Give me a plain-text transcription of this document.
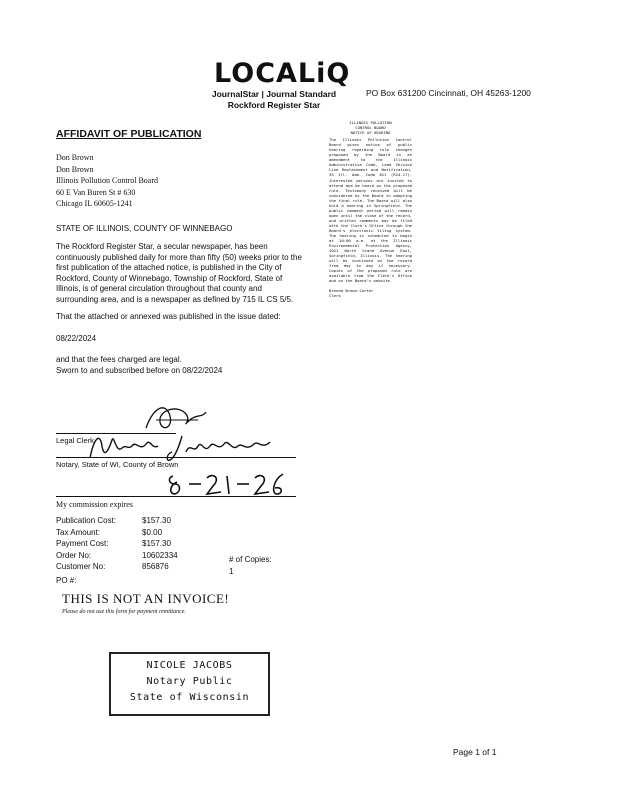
LOCALiQ
JournalStar | Journal Standard
Rockford Register Star
PO Box 631200 Cincinnati, OH 45263-1200
AFFIDAVIT OF PUBLICATION
Don Brown
Don Brown
Illinois Pollution Control Board
60 E Van Buren St # 630
Chicago IL 60605-1241
STATE OF ILLINOIS, COUNTY OF WINNEBAGO
The Rockford Register Star, a secular newspaper, has been continuously published daily for more than fifty (50) weeks prior to the first publication of the attached notice, is published in the City of Rockford, County of Winnebago, Township of Rockford, State of Illinois, is of general circulation throughout that county and surrounding area, and is a newspaper as defined by 715 IL CS 5/5.
That the attached or annexed was published in the issue dated:
08/22/2024
and that the fees charged are legal.
Sworn to and subscribed before on 08/22/2024
Legal Clerk
Notary, State of WI, County of Brown
My commission expires
Publication Cost:	$157.30
Tax Amount:	$0.00
Payment Cost:	$157.30
Order No:	10602334
Customer No:	856876
# of Copies:
1
PO #:
THIS IS NOT AN INVOICE!
Please do not use this form for payment remittance.
NICOLE JACOBS
Notary Public
State of Wisconsin
ILLINOIS POLLUTION
CONTROL BOARD
NOTICE OF HEARING
The Illinois Pollution Control Board gives notice of public hearing regarding rule changes proposed by the Board in an amendment to the Illinois Administrative Code, Lead Service Line Replacement and Notification, 35 Ill. Adm. Code 611 (R24-17). Interested persons are invited to attend and be heard on the proposed rule. Testimony received will be considered by the Board in adopting the final rule. The Board will also hold a hearing in Springfield. The public comment period will remain open until the close of the record, and written comments may be filed with the Clerk's Office through the Board's electronic filing system. The hearing is scheduled to begin at 10:00 a.m. at the Illinois Environmental Protection Agency, 1021 North Grand Avenue East, Springfield, Illinois. The hearing will be continued on the record from day to day if necessary. Copies of the proposed rule are available from the Clerk's Office and on the Board's website.
Brenda Brown-Carter
Clerk
Page 1 of 1
